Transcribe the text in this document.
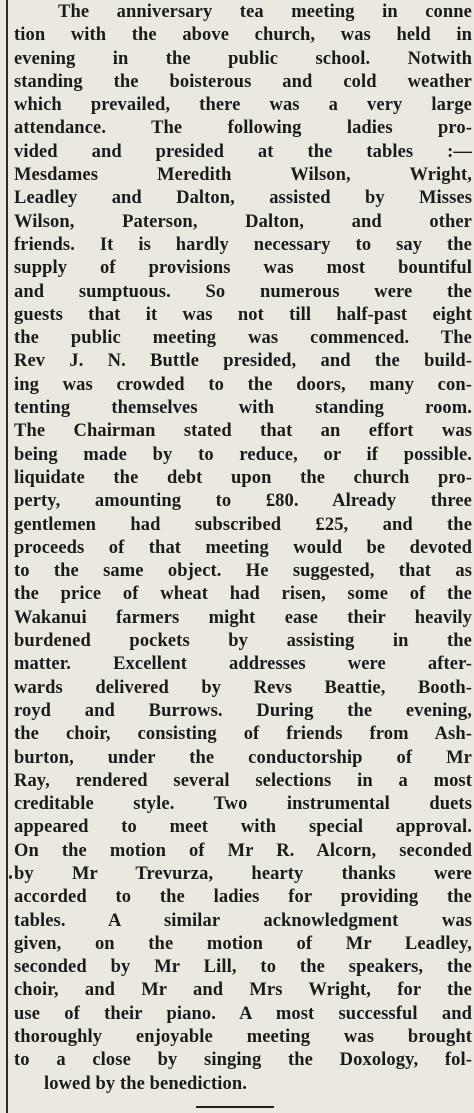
The anniversary tea meeting in conne
tion with the above church, was held in
evening in the public school. Notwith
standing the boisterous and cold weather
which prevailed, there was a very large
attendance. The following ladies pro-
vided and presided at the tables :—
Mesdames Meredith Wilson, Wright,
Leadley and Dalton, assisted by Misses
Wilson, Paterson, Dalton, and other
friends. It is hardly necessary to say the
supply of provisions was most bountiful
and sumptuous. So numerous were the
guests that it was not till half-past eight
the public meeting was commenced. The
Rev J. N. Buttle presided, and the build-
ing was crowded to the doors, many con-
tenting themselves with standing room.
The Chairman stated that an effort was
being made by to reduce, or if possible.
liquidate the debt upon the church pro-
perty, amounting to £80. Already three
gentlemen had subscribed £25, and the
proceeds of that meeting would be devoted
to the same object. He suggested, that as
the price of wheat had risen, some of the
Wakanui farmers might ease their heavily
burdened pockets by assisting in the
matter. Excellent addresses were after-
wards delivered by Revs Beattie, Booth-
royd and Burrows. During the evening,
the choir, consisting of friends from Ash-
burton, under the conductorship of Mr
Ray, rendered several selections in a most
creditable style. Two instrumental duets
appeared to meet with special approval.
On the motion of Mr R. Alcorn, seconded
by Mr Trevurza, hearty thanks were
accorded to the ladies for providing the
tables. A similar acknowledgment was
given, on the motion of Mr Leadley,
seconded by Mr Lill, to the speakers, the
choir, and Mr and Mrs Wright, for the
use of their piano. A most successful and
thoroughly enjoyable meeting was brought
to a close by singing the Doxology, fol-
lowed by the benediction.
